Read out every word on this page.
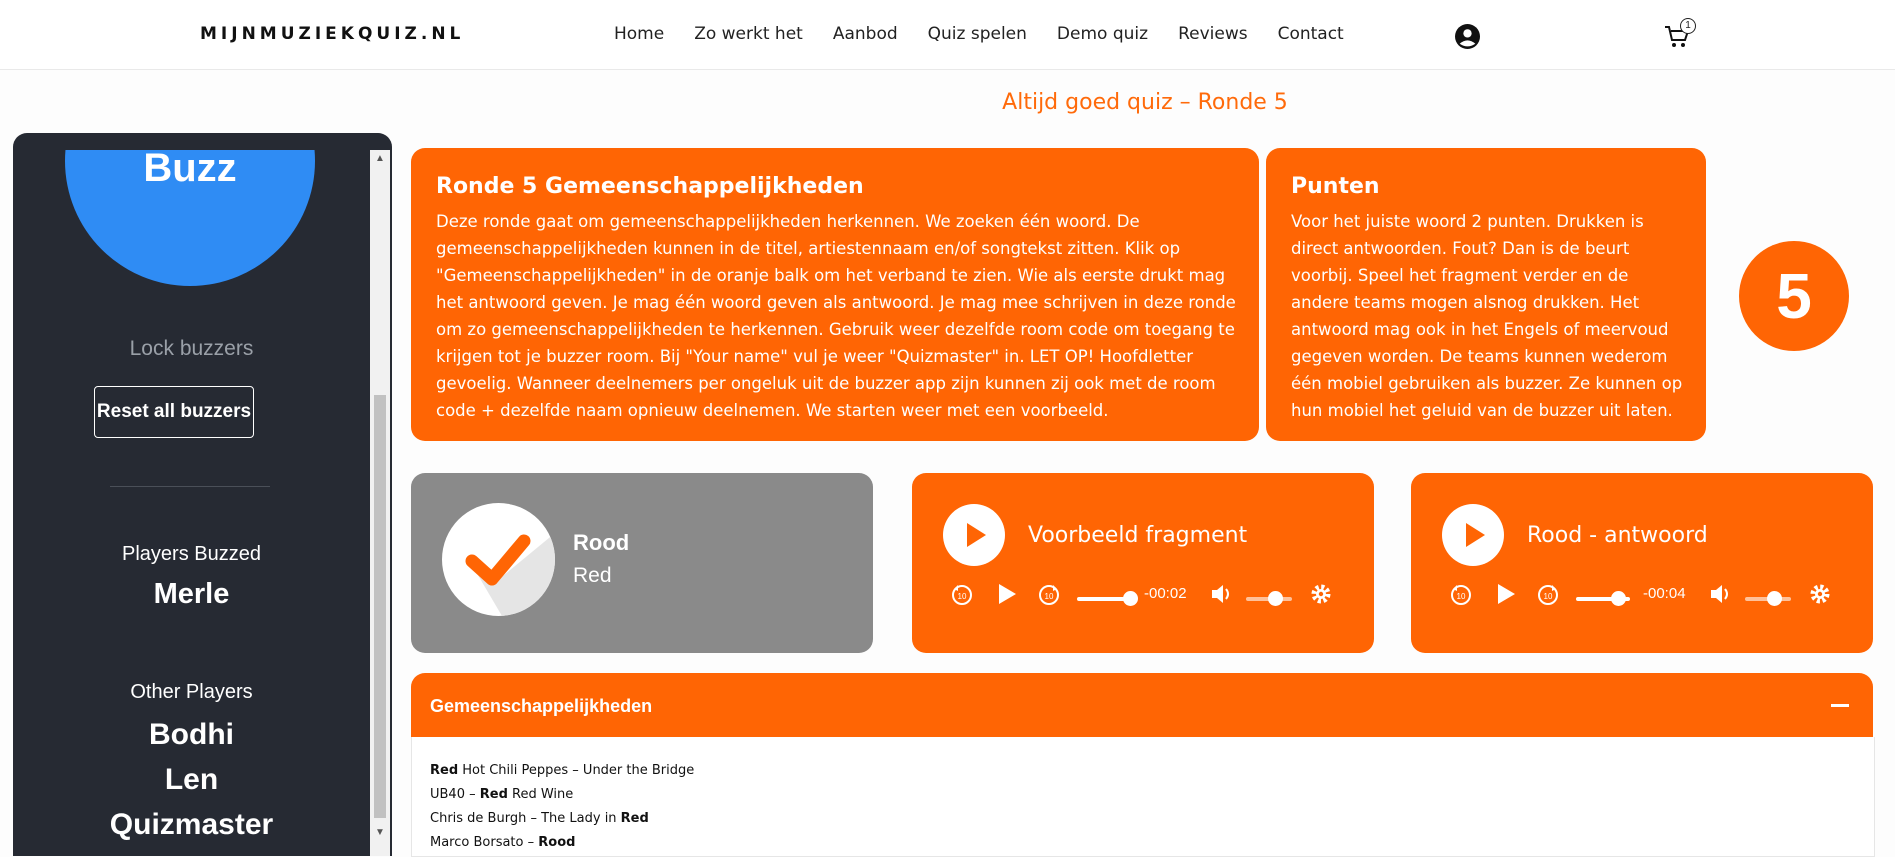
MIJNMUZIEKQUIZ.NL	Home Zo werkt het Aanbod Quiz spelen Demo quiz Reviews Contact	1
Altijd goed quiz – Ronde 5
Buzz
Lock buzzers
Reset all buzzers
Players Buzzed
Merle
Other Players
Bodhi
Len
Quizmaster
▲
▼
Ronde 5 Gemeenschappelijkheden
Deze ronde gaat om gemeenschappelijkheden herkennen. We zoeken één woord. De gemeenschappelijkheden kunnen in de titel, artiestennaam en/of songtekst zitten. Klik op "Gemeenschappelijkheden" in de oranje balk om het verband te zien. Wie als eerste drukt mag het antwoord geven. Je mag één woord geven als antwoord. Je mag mee schrijven in deze ronde om zo gemeenschappelijkheden te herkennen. Gebruik weer dezelfde room code om toegang te krijgen tot je buzzer room. Bij "Your name" vul je weer "Quizmaster" in. LET OP! Hoofdletter gevoelig. Wanneer deelnemers per ongeluk uit de buzzer app zijn kunnen zij ook met de room code + dezelfde naam opnieuw deelnemen. We starten weer met een voorbeeld.
Punten
Voor het juiste woord 2 punten. Drukken is direct antwoorden. Fout? Dan is de beurt voorbij. Speel het fragment verder en de andere teams mogen alsnog drukken. Het antwoord mag ook in het Engels of meervoud gegeven worden. De teams kunnen wederom één mobiel gebruiken als buzzer. Ze kunnen op hun mobiel het geluid van de buzzer uit laten.
5
Rood
Red
Voorbeeld fragment
10	10	-00:02
Rood - antwoord
10	10	-00:04
Gemeenschappelijkheden
Red Hot Chili Peppes – Under the Bridge
UB40 – Red Red Wine
Chris de Burgh – The Lady in Red
Marco Borsato – Rood
